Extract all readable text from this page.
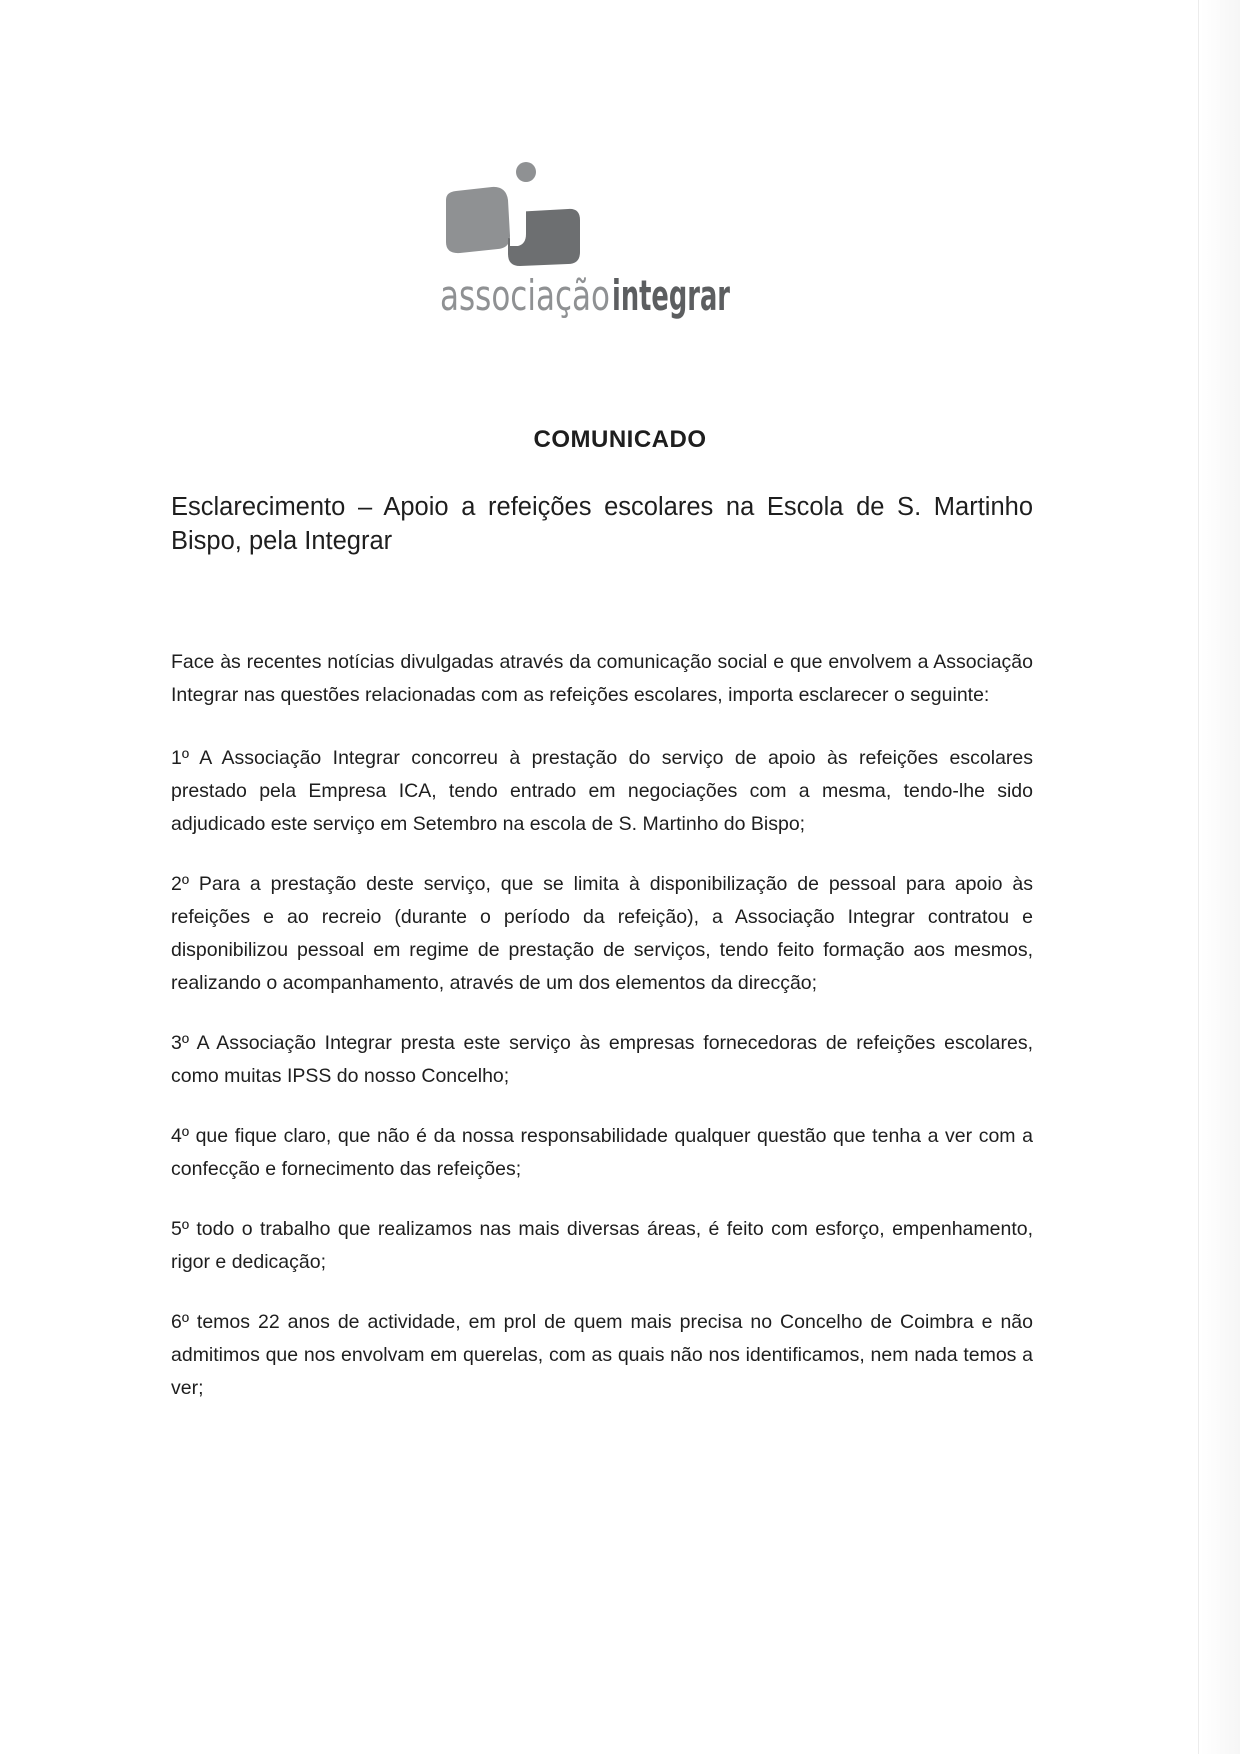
associação integrar
COMUNICADO
Esclarecimento – Apoio a refeições escolares na Escola de S. Martinho
Bispo, pela Integrar

Face às recentes notícias divulgadas através da comunicação social e que envolvem a Associação Integrar nas questões relacionadas com as refeições escolares, importa esclarecer o seguinte:

1º A Associação Integrar concorreu à prestação do serviço de apoio às refeições escolares prestado pela Empresa ICA, tendo entrado em negociações com a mesma, tendo-lhe sido adjudicado este serviço em Setembro na escola de S. Martinho do Bispo;

2º Para a prestação deste serviço, que se limita à disponibilização de pessoal para apoio às refeições e ao recreio (durante o período da refeição), a Associação Integrar contratou e disponibilizou pessoal em regime de prestação de serviços, tendo feito formação aos mesmos, realizando o acompanhamento, através de um dos elementos da direcção;

3º A Associação Integrar presta este serviço às empresas fornecedoras de refeições escolares, como muitas IPSS do nosso Concelho;

4º que fique claro, que não é da nossa responsabilidade qualquer questão que tenha a ver com a confecção e fornecimento das refeições;

5º todo o trabalho que realizamos nas mais diversas áreas, é feito com esforço, empenhamento, rigor e dedicação;

6º temos 22 anos de actividade, em prol de quem mais precisa no Concelho de Coimbra e não admitimos que nos envolvam em querelas, com as quais não nos identificamos, nem nada temos a ver;
